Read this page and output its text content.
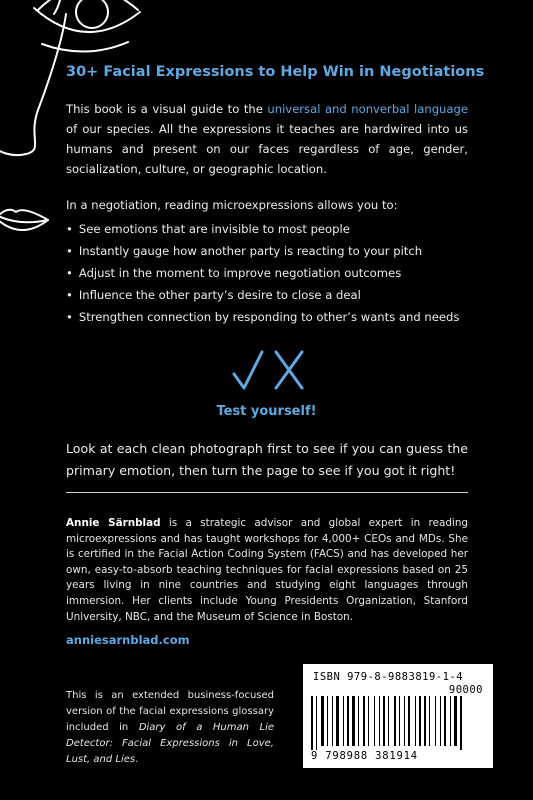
30+ Facial Expressions to Help Win in Negotiations

This book is a visual guide to the universal and nonverbal language of our species. All the expressions it teaches are hardwired into us humans and present on our faces regardless of age, gender, socialization, culture, or geographic location.

In a negotiation, reading microexpressions allows you to:

• See emotions that are invisible to most people
• Instantly gauge how another party is reacting to your pitch
• Adjust in the moment to improve negotiation outcomes
• Influence the other party’s desire to close a deal
• Strengthen connection by responding to other’s wants and needs
Test yourself!

Look at each clean photograph first to see if you can guess the primary emotion, then turn the page to see if you got it right!

Annie Särnblad is a strategic advisor and global expert in reading microexpressions and has taught workshops for 4,000+ CEOs and MDs. She is certified in the Facial Action Coding System (FACS) and has developed her own, easy-to-absorb teaching techniques for facial expressions based on 25 years living in nine countries and studying eight languages through immersion. Her clients include Young Presidents Organization, Stanford University, NBC, and the Museum of Science in Boston.

anniesarnblad.com

This is an extended business-focused version of the facial expressions glossary included in Diary of a Human Lie Detector: Facial Expressions in Love, Lust, and Lies.

ISBN 979-8-9883819-1-4
90000
9 798988 381914
